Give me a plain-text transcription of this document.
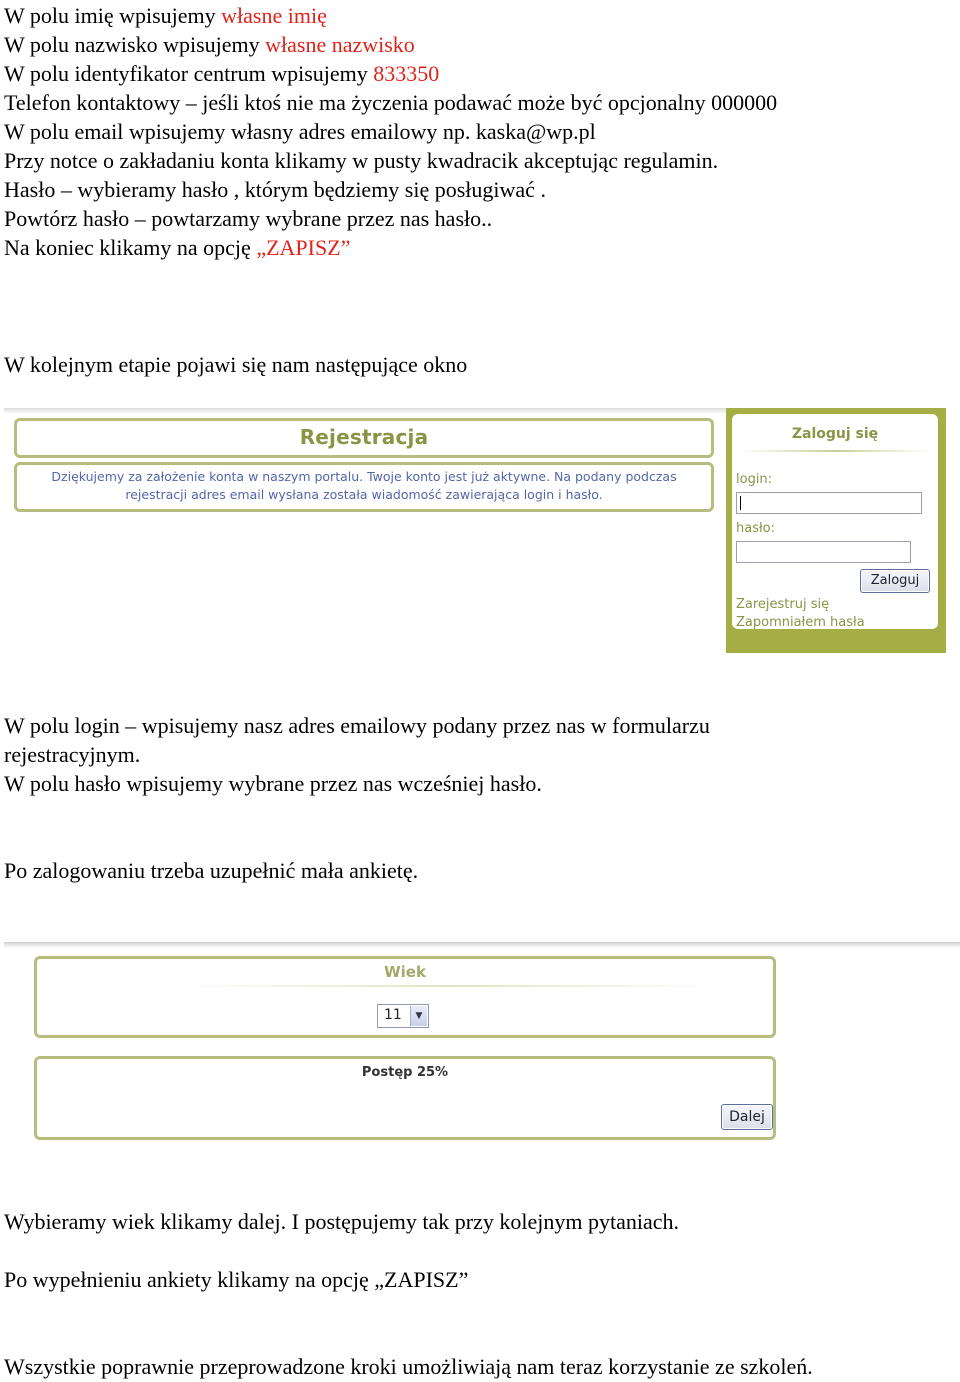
W polu imię wpisujemy własne imię
W polu nazwisko wpisujemy własne nazwisko
W polu identyfikator centrum wpisujemy 833350
Telefon kontaktowy – jeśli ktoś nie ma życzenia podawać może być opcjonalny 000000
W polu email wpisujemy własny adres emailowy np. kaska@wp.pl
Przy notce o zakładaniu konta klikamy w pusty kwadracik akceptując regulamin.
Hasło – wybieramy hasło , którym będziemy się posługiwać .
Powtórz hasło – powtarzamy wybrane przez nas hasło..
Na koniec klikamy na opcję „ZAPISZ”
W kolejnym etapie pojawi się nam następujące okno
Rejestracja
Dziękujemy za założenie konta w naszym portalu. Twoje konto jest już aktywne. Na podany podczas
rejestracji adres email wysłana została wiadomość zawierająca login i hasło.
Zaloguj się
login:
hasło:
Zaloguj
Zarejestruj się
Zapomniałem hasła
W polu login – wpisujemy nasz adres emailowy podany przez nas w formularzu
rejestracyjnym.
W polu hasło wpisujemy wybrane przez nas wcześniej hasło.
Po zalogowaniu trzeba uzupełnić mała ankietę.
Wiek
11	▼
Postęp 25%
Dalej
Wybieramy wiek klikamy dalej. I postępujemy tak przy kolejnym pytaniach.
Po wypełnieniu ankiety klikamy na opcję „ZAPISZ”
Wszystkie poprawnie przeprowadzone kroki umożliwiają nam teraz korzystanie ze szkoleń.
